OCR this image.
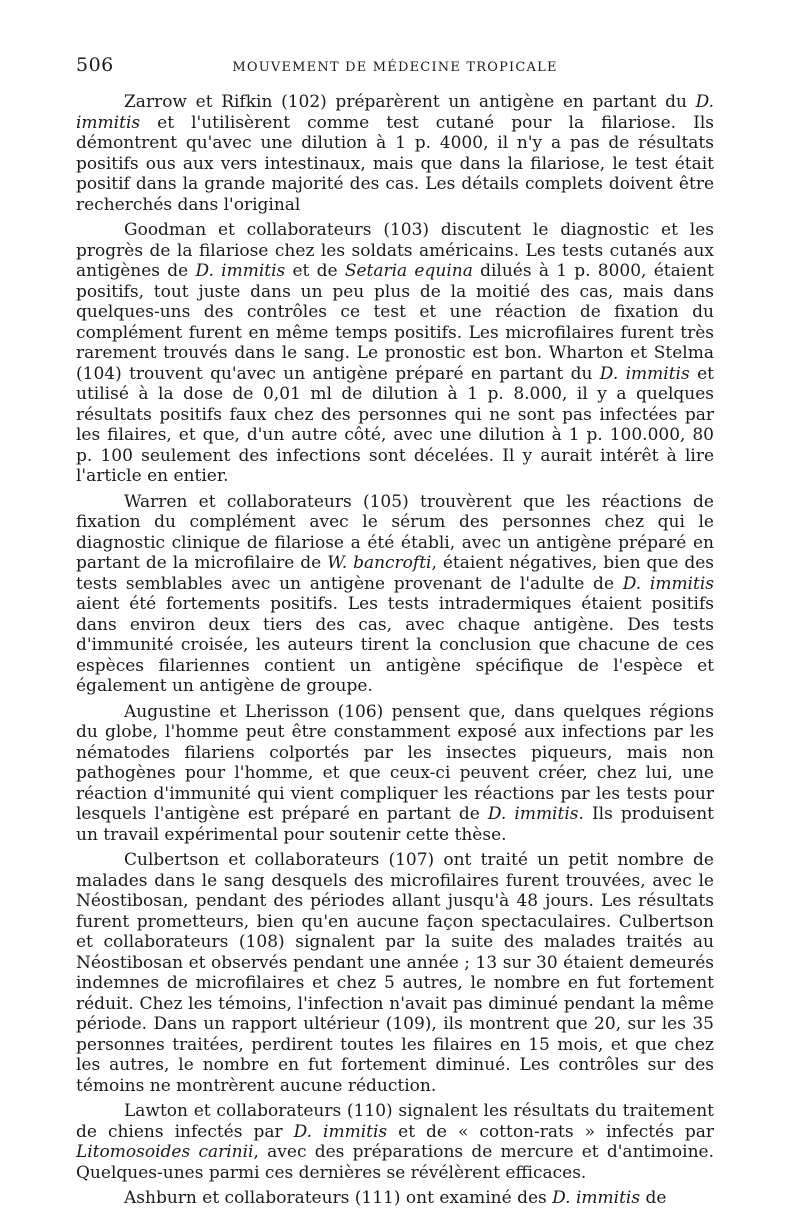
506	MOUVEMENT DE MÉDECINE TROPICALE

Zarrow et Rifkin (102) préparèrent un antigène en partant du D. immitis et l'utilisèrent comme test cutané pour la filariose. Ils démontrent qu'avec une dilution à 1 p. 4000, il n'y a pas de résultats positifs ous aux vers intestinaux, mais que dans la filariose, le test était positif dans la grande majorité des cas. Les détails complets doivent être recherchés dans l'original

Goodman et collaborateurs (103) discutent le diagnostic et les progrès de la filariose chez les soldats américains. Les tests cutanés aux antigènes de D. immitis et de Setaria equina dilués à 1 p. 8000, étaient positifs, tout juste dans un peu plus de la moitié des cas, mais dans quelques-uns des contrôles ce test et une réaction de fixation du complément furent en même temps positifs. Les microfilaires furent très rarement trouvés dans le sang. Le pronostic est bon. Wharton et Stelma (104) trouvent qu'avec un antigène préparé en partant du D. immitis et utilisé à la dose de 0,01 ml de dilution à 1 p. 8.000, il y a quelques résultats positifs faux chez des personnes qui ne sont pas infectées par les filaires, et que, d'un autre côté, avec une dilution à 1 p. 100.000, 80 p. 100 seulement des infections sont décelées. Il y aurait intérêt à lire l'article en entier.

Warren et collaborateurs (105) trouvèrent que les réactions de fixation du complément avec le sérum des personnes chez qui le diagnostic clinique de filariose a été établi, avec un antigène préparé en partant de la microfilaire de W. bancrofti, étaient négatives, bien que des tests semblables avec un antigène provenant de l'adulte de D. immitis aient été fortements positifs. Les tests intradermiques étaient positifs dans environ deux tiers des cas, avec chaque antigène. Des tests d'immunité croisée, les auteurs tirent la conclusion que chacune de ces espèces filariennes contient un antigène spécifique de l'espèce et également un antigène de groupe.

Augustine et Lherisson (106) pensent que, dans quelques régions du globe, l'homme peut être constamment exposé aux infections par les nématodes filariens colportés par les insectes piqueurs, mais non pathogènes pour l'homme, et que ceux-ci peuvent créer, chez lui, une réaction d'immunité qui vient compliquer les réactions par les tests pour lesquels l'antigène est préparé en partant de D. immitis. Ils produisent un travail expérimental pour soutenir cette thèse.

Culbertson et collaborateurs (107) ont traité un petit nombre de malades dans le sang desquels des microfilaires furent trouvées, avec le Néostibosan, pendant des périodes allant jusqu'à 48 jours. Les résultats furent prometteurs, bien qu'en aucune façon spectaculaires. Culbertson et collaborateurs (108) signalent par la suite des malades traités au Néostibosan et observés pendant une année ; 13 sur 30 étaient demeurés indemnes de microfilaires et chez 5 autres, le nombre en fut fortement réduit. Chez les témoins, l'infection n'avait pas diminué pendant la même période. Dans un rapport ultérieur (109), ils montrent que 20, sur les 35 personnes traitées, perdirent toutes les filaires en 15 mois, et que chez les autres, le nombre en fut fortement diminué. Les contrôles sur des témoins ne montrèrent aucune réduction.

Lawton et collaborateurs (110) signalent les résultats du traitement de chiens infectés par D. immitis et de « cotton-rats » infectés par Litomosoides carinii, avec des préparations de mercure et d'antimoine. Quelques-unes parmi ces dernières se révélèrent efficaces.

Ashburn et collaborateurs (111) ont examiné des D. immitis de
